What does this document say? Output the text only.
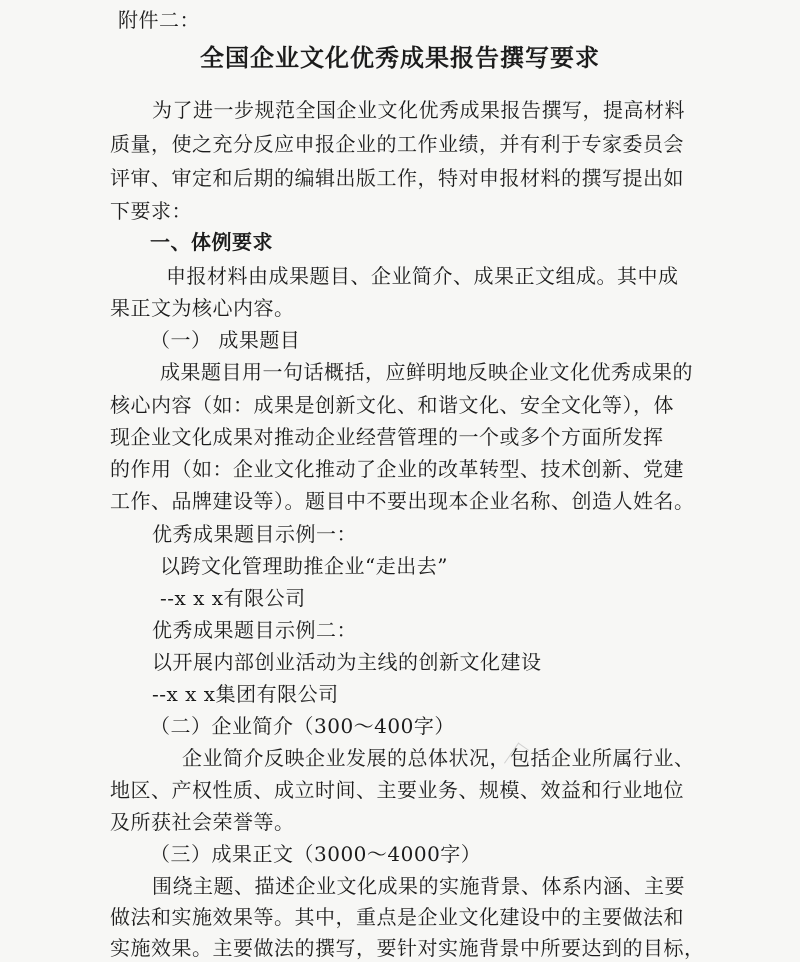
附件二：
全国企业文化优秀成果报告撰写要求
为了进一步规范全国企业文化优秀成果报告撰写，提高材料
质量，使之充分反应申报企业的工作业绩，并有利于专家委员会
评审、审定和后期的编辑出版工作，特对申报材料的撰写提出如
下要求：
一、体例要求
申报材料由成果题目、企业简介、成果正文组成。其中成
果正文为核心内容。
（一） 成果题目
成果题目用一句话概括，应鲜明地反映企业文化优秀成果的
核心内容（如：成果是创新文化、和谐文化、安全文化等），体
现企业文化成果对推动企业经营管理的一个或多个方面所发挥
的作用（如：企业文化推动了企业的改革转型、技术创新、党建
工作、品牌建设等）。题目中不要出现本企业名称、创造人姓名。
优秀成果题目示例一：
以跨文化管理助推企业“走出去”
--x x x有限公司
优秀成果题目示例二：
以开展内部创业活动为主线的创新文化建设
--x x x集团有限公司
（二）企业简介（300～400字）
企业简介反映企业发展的总体状况，包括企业所属行业、
地区、产权性质、成立时间、主要业务、规模、效益和行业地位
及所获社会荣誉等。
（三）成果正文（3000～4000字）
围绕主题、描述企业文化成果的实施背景、体系内涵、主要
做法和实施效果等。其中，重点是企业文化建设中的主要做法和
实施效果。主要做法的撰写，要针对实施背景中所要达到的目标，
